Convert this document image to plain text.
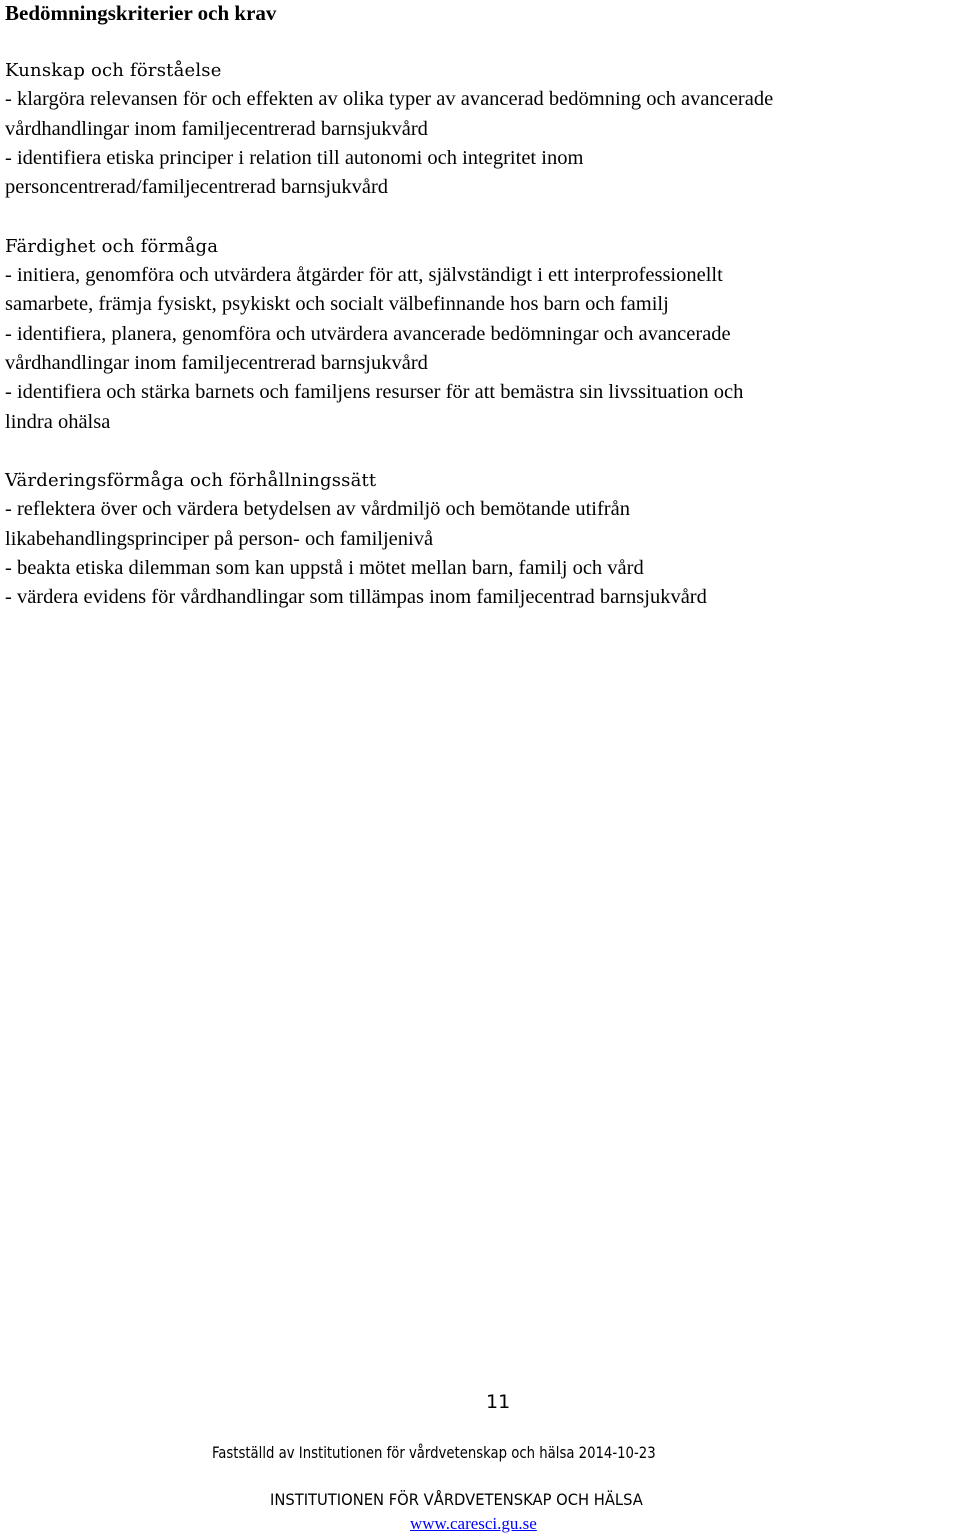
Bedömningskriterier och krav
Kunskap och förståelse
- klargöra relevansen för och effekten av olika typer av avancerad bedömning och avancerade
vårdhandlingar inom familjecentrerad barnsjukvård
- identifiera etiska principer i relation till autonomi och integritet inom
personcentrerad/familjecentrerad barnsjukvård
Färdighet och förmåga
- initiera, genomföra och utvärdera åtgärder för att, självständigt i ett interprofessionellt
samarbete, främja fysiskt, psykiskt och socialt välbefinnande hos barn och familj
- identifiera, planera, genomföra och utvärdera avancerade bedömningar och avancerade
vårdhandlingar inom familjecentrerad barnsjukvård
- identifiera och stärka barnets och familjens resurser för att bemästra sin livssituation och
lindra ohälsa
Värderingsförmåga och förhållningssätt
- reflektera över och värdera betydelsen av vårdmiljö och bemötande utifrån
likabehandlingsprinciper på person- och familjenivå
- beakta etiska dilemman som kan uppstå i mötet mellan barn, familj och vård
- värdera evidens för vårdhandlingar som tillämpas inom familjecentrad barnsjukvård
11
Fastställd av Institutionen för vårdvetenskap och hälsa 2014-10-23
INSTITUTIONEN FÖR VÅRDVETENSKAP OCH HÄLSA
www.caresci.gu.se
